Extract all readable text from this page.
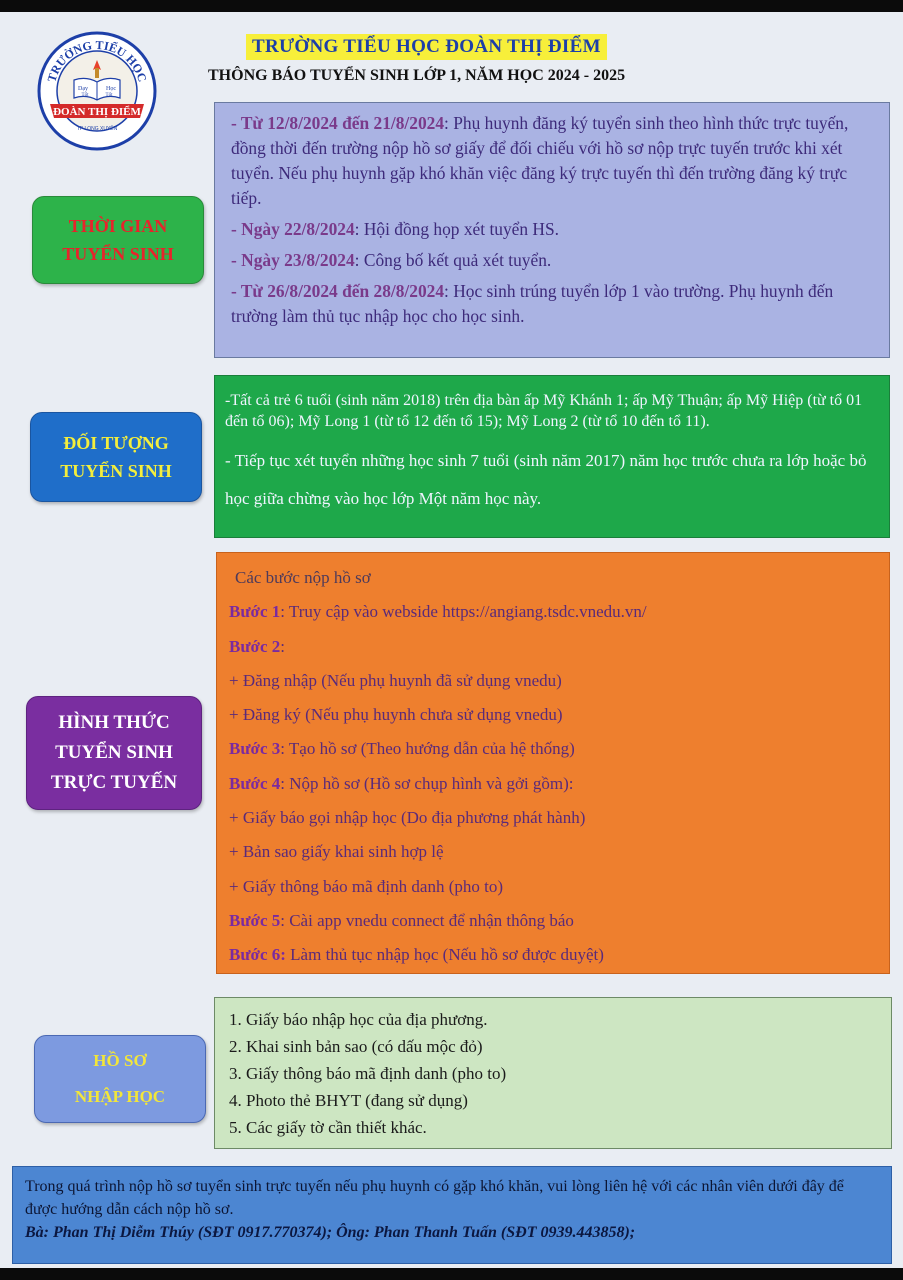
TRƯỜNG TIỂU HỌC
Dạy	Học
Tốt	Tốt
ĐOÀN THỊ ĐIỂM
TP LONG XUYÊN
TRƯỜNG TIỂU HỌC ĐOÀN THỊ ĐIỂM
THÔNG BÁO TUYỂN SINH LỚP 1, NĂM HỌC 2024 - 2025
THỜI GIAN
TUYỂN SINH

- Từ 12/8/2024 đến 21/8/2024: Phụ huynh đăng ký tuyển sinh theo hình thức trực tuyến, đồng thời đến trường nộp hồ sơ giấy để đối chiếu với hồ sơ nộp trực tuyến trước khi xét tuyển. Nếu phụ huynh gặp khó khăn việc đăng ký trực tuyến thì đến trường đăng ký trực tiếp.

- Ngày 22/8/2024: Hội đồng họp xét tuyển HS.

- Ngày 23/8/2024: Công bố kết quả xét tuyển.

- Từ 26/8/2024 đến 28/8/2024: Học sinh trúng tuyển lớp 1 vào trường. Phụ huynh đến trường làm thủ tục nhập học cho học sinh.

ĐỐI TƯỢNG
TUYỂN SINH

-Tất cả trẻ 6 tuổi (sinh năm 2018) trên địa bàn ấp Mỹ Khánh 1; ấp Mỹ Thuận; ấp Mỹ Hiệp (từ tổ 01 đến tổ 06); Mỹ Long 1 (từ tổ 12 đến tổ 15); Mỹ Long 2 (từ tổ 10 đến tổ 11).

- Tiếp tục xét tuyển những học sinh 7 tuổi (sinh năm 2017) năm học trước chưa ra lớp hoặc bỏ học giữa chừng vào học lớp Một năm học này.

HÌNH THỨC
TUYỂN SINH
TRỰC TUYẾN
Các bước nộp hồ sơ
Bước 1: Truy cập vào webside https://angiang.tsdc.vnedu.vn/
Bước 2:
+ Đăng nhập (Nếu phụ huynh đã sử dụng vnedu)
+ Đăng ký (Nếu phụ huynh chưa sử dụng vnedu)
Bước 3: Tạo hồ sơ (Theo hướng dẫn của hệ thống)
Bước 4: Nộp hồ sơ (Hồ sơ chụp hình và gởi gồm):
+ Giấy báo gọi nhập học (Do địa phương phát hành)
+ Bản sao giấy khai sinh hợp lệ
+ Giấy thông báo mã định danh (pho to)
Bước 5: Cài app vnedu connect để nhận thông báo
Bước 6: Làm thủ tục nhập học (Nếu hồ sơ được duyệt)
HỒ SƠ
NHẬP HỌC
1. Giấy báo nhập học của địa phương.
2. Khai sinh bản sao (có dấu mộc đỏ)
3. Giấy thông báo mã định danh (pho to)
4. Photo thẻ BHYT (đang sử dụng)
5. Các giấy tờ cần thiết khác.
Trong quá trình nộp hồ sơ tuyển sinh trực tuyến nếu phụ huynh có gặp khó khăn, vui lòng liên hệ với các nhân viên dưới đây để được hướng dẫn cách nộp hồ sơ.
Bà: Phan Thị Diễm Thúy (SĐT 0917.770374); Ông: Phan Thanh Tuấn (SĐT 0939.443858);
